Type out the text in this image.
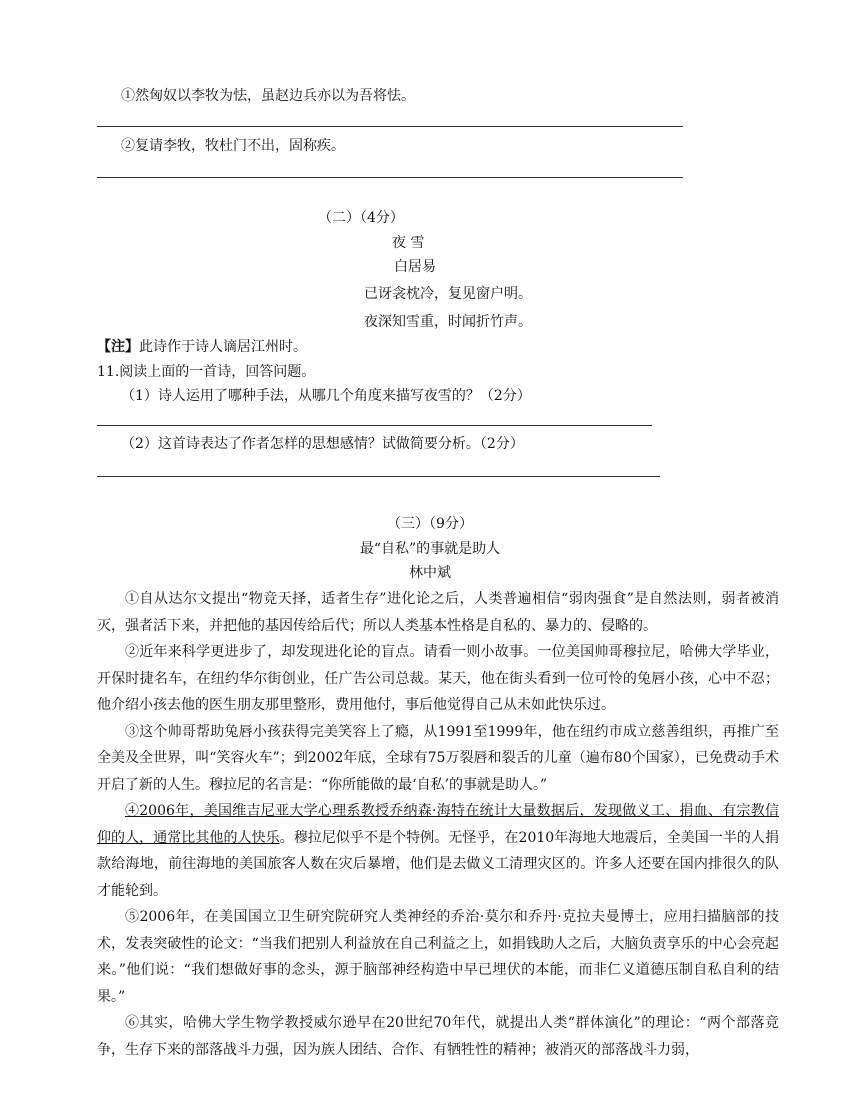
①然匈奴以李牧为怯，虽赵边兵亦以为吾将怯。
②复请李牧，牧杜门不出，固称疾。
（二）（4分）
夜 雪
白居易
已讶衾枕冷，复见窗户明。
夜深知雪重，时闻折竹声。
【注】此诗作于诗人谪居江州时。
11.阅读上面的一首诗，回答问题。
（1）诗人运用了哪种手法，从哪几个角度来描写夜雪的？（2分）
（2）这首诗表达了作者怎样的思想感情？试做简要分析。（2分）
（三）（9分）
最“自私”的事就是助人
林中斌

①自从达尔文提出“物竞天择，适者生存”进化论之后，人类普遍相信“弱肉强食”是自然法则，弱者被消灭，强者活下来，并把他的基因传给后代；所以人类基本性格是自私的、暴力的、侵略的。

②近年来科学更进步了，却发现进化论的盲点。请看一则小故事。一位美国帅哥穆拉尼，哈佛大学毕业，开保时捷名车，在纽约华尔街创业，任广告公司总裁。某天，他在街头看到一位可怜的兔唇小孩，心中不忍；他介绍小孩去他的医生朋友那里整形，费用他付，事后他觉得自己从未如此快乐过。

③这个帅哥帮助兔唇小孩获得完美笑容上了瘾，从1991至1999年，他在纽约市成立慈善组织，再推广至全美及全世界，叫“笑容火车”；到2002年底，全球有75万裂唇和裂舌的儿童（遍布80个国家），已免费动手术开启了新的人生。穆拉尼的名言是：“你所能做的最‘自私’的事就是助人。”

④2006年，美国维吉尼亚大学心理系教授乔纳森·海特在统计大量数据后，发现做义工、捐血、有宗教信仰的人，通常比其他的人快乐。穆拉尼似乎不是个特例。无怪乎，在2010年海地大地震后，全美国一半的人捐款给海地，前往海地的美国旅客人数在灾后暴增，他们是去做义工清理灾区的。许多人还要在国内排很久的队才能轮到。

⑤2006年，在美国国立卫生研究院研究人类神经的乔治·莫尔和乔丹·克拉夫曼博士，应用扫描脑部的技术，发表突破性的论文：“当我们把别人利益放在自己利益之上，如捐钱助人之后，大脑负责享乐的中心会亮起来。”他们说：“我们想做好事的念头，源于脑部神经构造中早已埋伏的本能，而非仁义道德压制自私自利的结果。”

⑥其实，哈佛大学生物学教授威尔逊早在20世纪70年代，就提出人类“群体演化”的理论：“两个部落竞争，生存下来的部落战斗力强，因为族人团结、合作、有牺牲性的精神；被消灭的部落战斗力弱，
